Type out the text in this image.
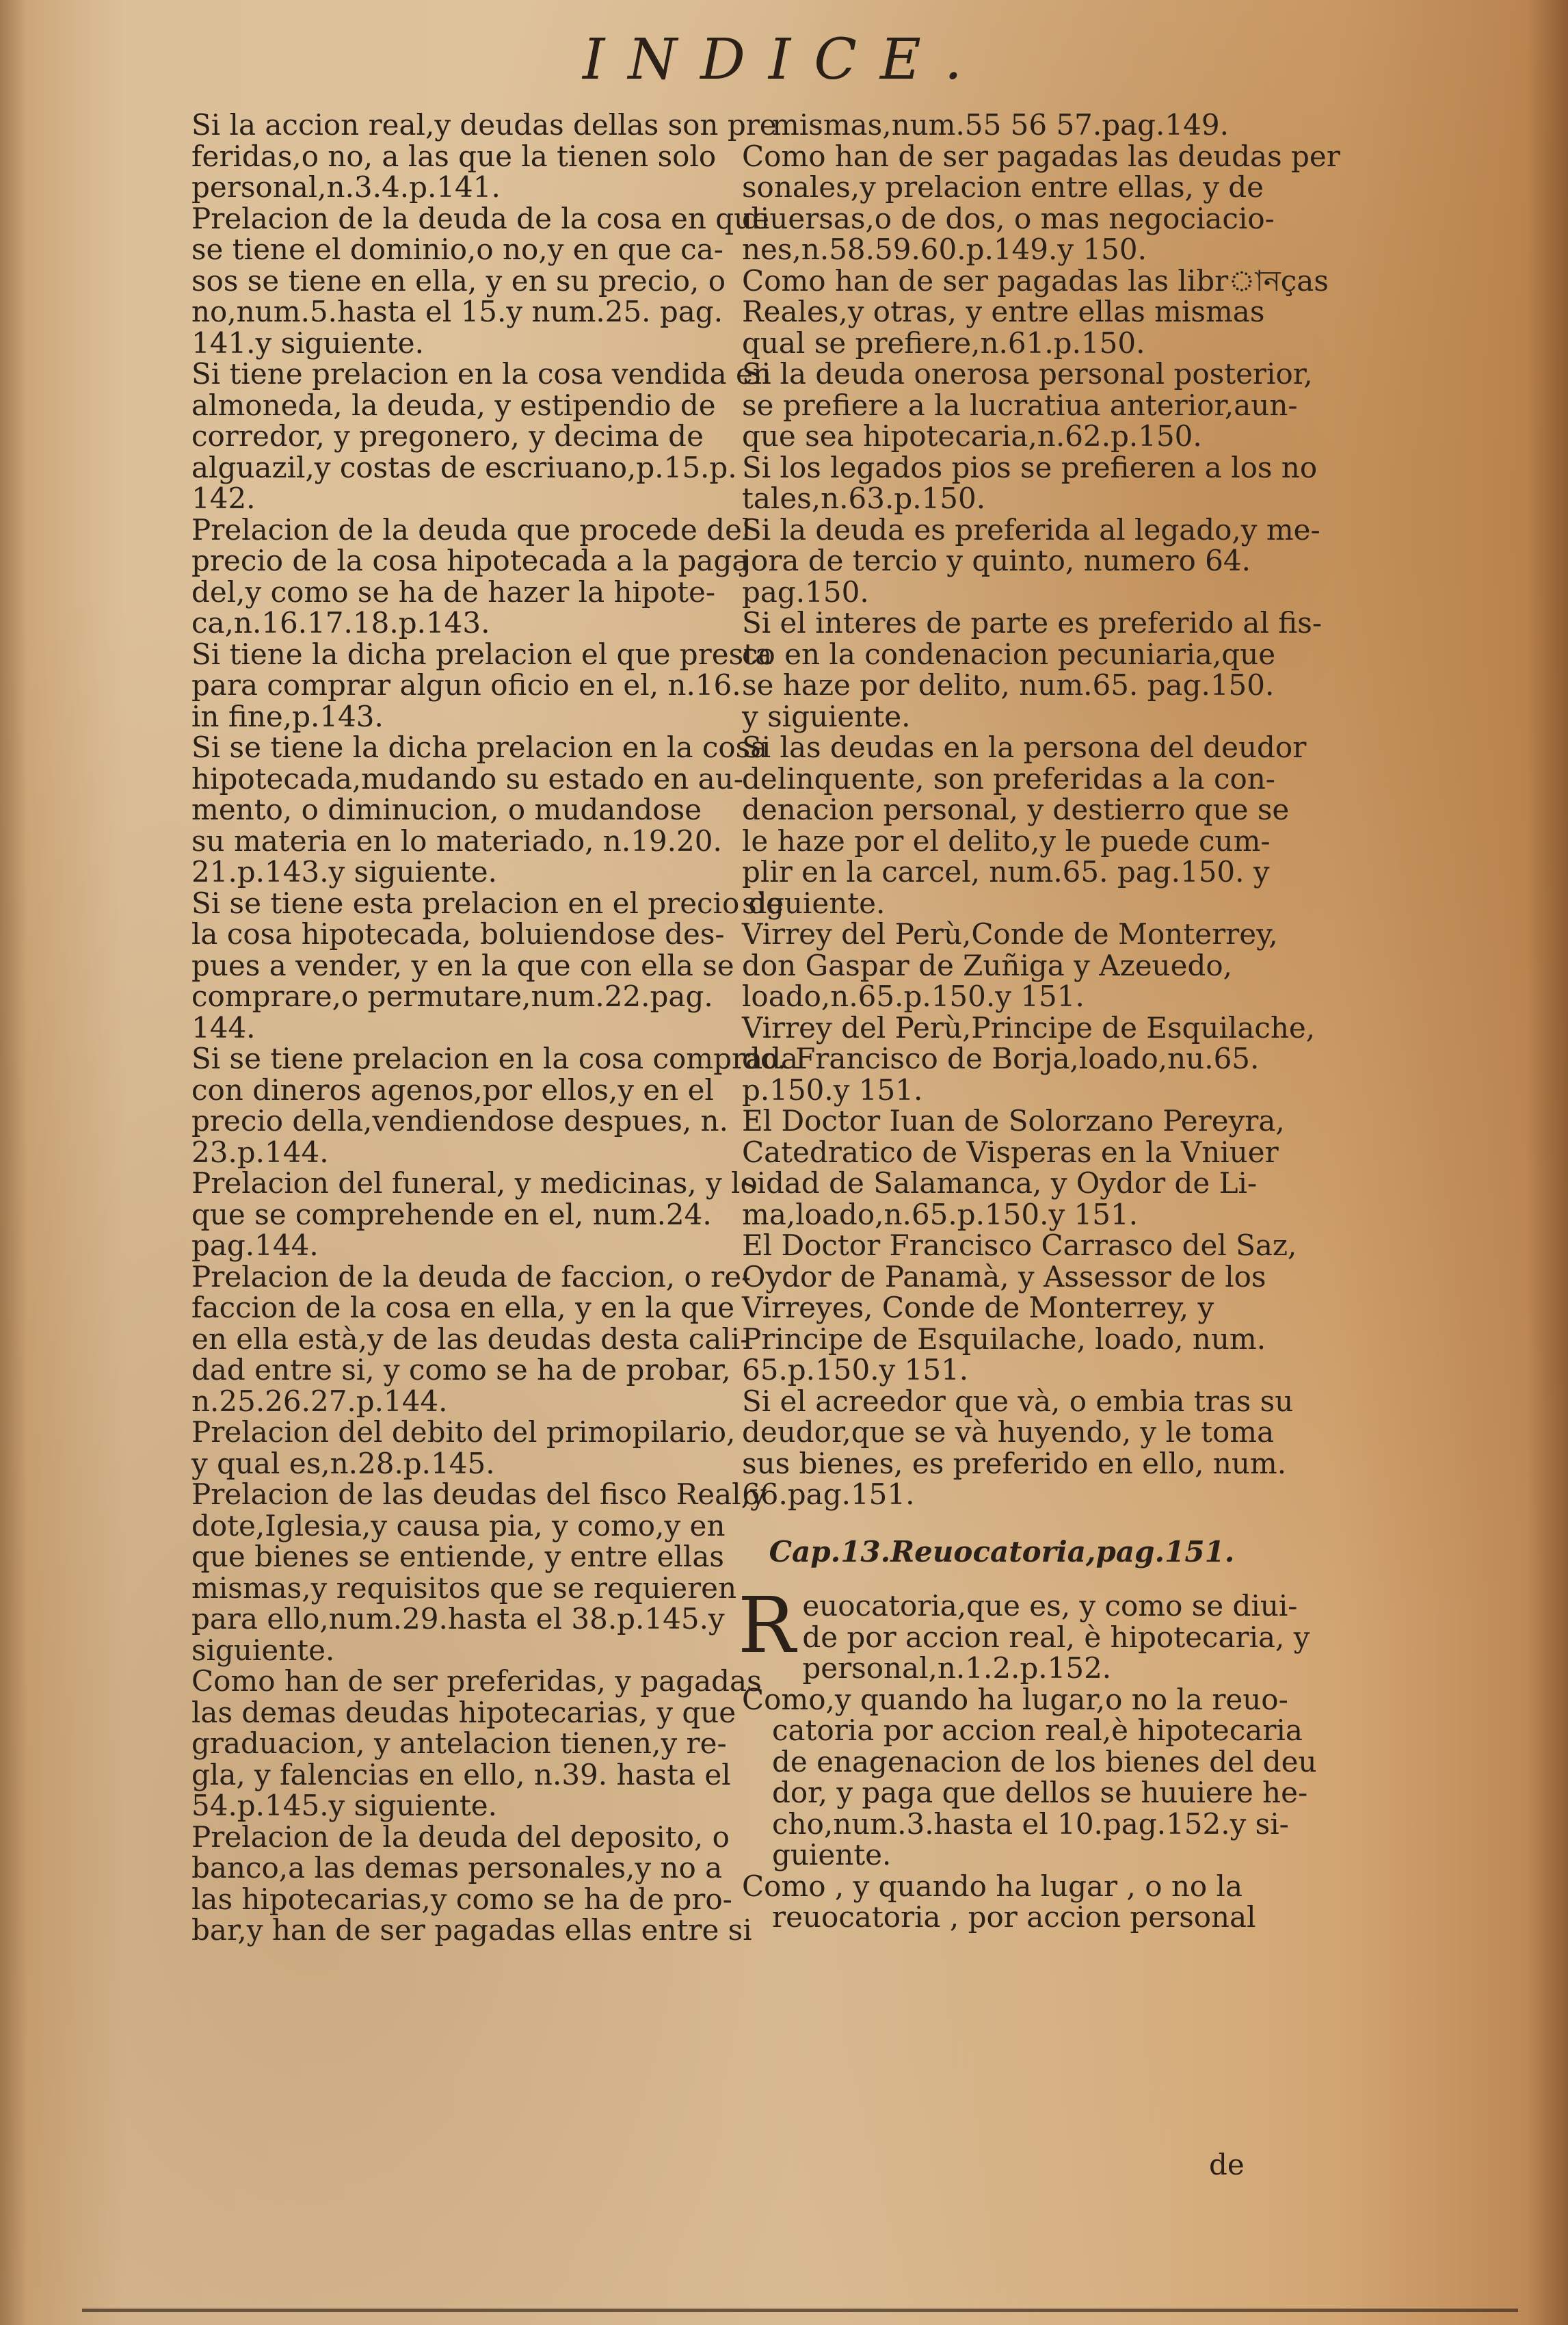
INDICE.

Si la accion real,y deudas dellas son pre
feridas,o no, a las que la tienen solo
personal,n.3.4.p.141.

Prelacion de la deuda de la cosa en que
se tiene el dominio,o no,y en que ca-
sos se tiene en ella, y en su precio, o
no,num.5.hasta el 15.y num.25. pag.
141.y siguiente.

Si tiene prelacion en la cosa vendida en
almoneda, la deuda, y estipendio de
corredor, y pregonero, y decima de
alguazil,y costas de escriuano,p.15.p.
142.

Prelacion de la deuda que procede del
precio de la cosa hipotecada a la paga
del,y como se ha de hazer la hipote-
ca,n.16.17.18.p.143.

Si tiene la dicha prelacion el que presta
para comprar algun oficio en el, n.16.
in fine,p.143.

Si se tiene la dicha prelacion en la cosa
hipotecada,mudando su estado en au-
mento, o diminucion, o mudandose
su materia en lo materiado, n.19.20.
21.p.143.y siguiente.

Si se tiene esta prelacion en el precio de
la cosa hipotecada, boluiendose des-
pues a vender, y en la que con ella se
comprare,o permutare,num.22.pag.
144.

Si se tiene prelacion en la cosa comprada
con dineros agenos,por ellos,y en el
precio della,vendiendose despues, n.
23.p.144.

Prelacion del funeral, y medicinas, y lo
que se comprehende en el, num.24.
pag.144.

Prelacion de la deuda de faccion, o re-
faccion de la cosa en ella, y en la que
en ella està,y de las deudas desta cali-
dad entre si, y como se ha de probar,
n.25.26.27.p.144.

Prelacion del debito del primopilario,
y qual es,n.28.p.145.

Prelacion de las deudas del fisco Real,y
dote,Iglesia,y causa pia, y como,y en
que bienes se entiende, y entre ellas
mismas,y requisitos que se requieren
para ello,num.29.hasta el 38.p.145.y
siguiente.

Como han de ser preferidas, y pagadas
las demas deudas hipotecarias, y que
graduacion, y antelacion tienen,y re-
gla, y falencias en ello, n.39. hasta el
54.p.145.y siguiente.

Prelacion de la deuda del deposito, o
banco,a las demas personales,y no a
las hipotecarias,y como se ha de pro-
bar,y han de ser pagadas ellas entre si

mismas,num.55 56 57.pag.149.

Como han de ser pagadas las deudas per
sonales,y prelacion entre ellas, y de
diuersas,o de dos, o mas negociacio-
nes,n.58.59.60.p.149.y 150.

Como han de ser pagadas las librানças
Reales,y otras, y entre ellas mismas
qual se prefiere,n.61.p.150.

Si la deuda onerosa personal posterior,
se prefiere a la lucratiua anterior,aun-
que sea hipotecaria,n.62.p.150.

Si los legados pios se prefieren a los no
tales,n.63.p.150.

Si la deuda es preferida al legado,y me-
jora de tercio y quinto, numero 64.
pag.150.

Si el interes de parte es preferido al fis-
co en la condenacion pecuniaria,que
se haze por delito, num.65. pag.150.
y siguiente.

Si las deudas en la persona del deudor
delinquente, son preferidas a la con-
denacion personal, y destierro que se
le haze por el delito,y le puede cum-
plir en la carcel, num.65. pag.150. y
siguiente.

Virrey del Perù,Conde de Monterrey,
don Gaspar de Zuñiga y Azeuedo,
loado,n.65.p.150.y 151.

Virrey del Perù,Principe de Esquilache,
do. Francisco de Borja,loado,nu.65.
p.150.y 151.

El Doctor Iuan de Solorzano Pereyra,
Catedratico de Visperas en la Vniuer
sidad de Salamanca, y Oydor de Li-
ma,loado,n.65.p.150.y 151.

El Doctor Francisco Carrasco del Saz,
Oydor de Panamà, y Assessor de los
Virreyes, Conde de Monterrey, y
Principe de Esquilache, loado, num.
65.p.150.y 151.

Si el acreedor que và, o embia tras su
deudor,que se và huyendo, y le toma
sus bienes, es preferido en ello, num.
66.pag.151.

Cap.13.Reuocatoria,pag.151.

R euocatoria,que es, y como se diui-
de por accion real, è hipotecaria, y
personal,n.1.2.p.152.

Como,y quando ha lugar,o no la reuo-
catoria por accion real,è hipotecaria
de enagenacion de los bienes del deu
dor, y paga que dellos se huuiere he-
cho,num.3.hasta el 10.pag.152.y si-
guiente.

Como , y quando ha lugar , o no la
reuocatoria , por accion personal

de
